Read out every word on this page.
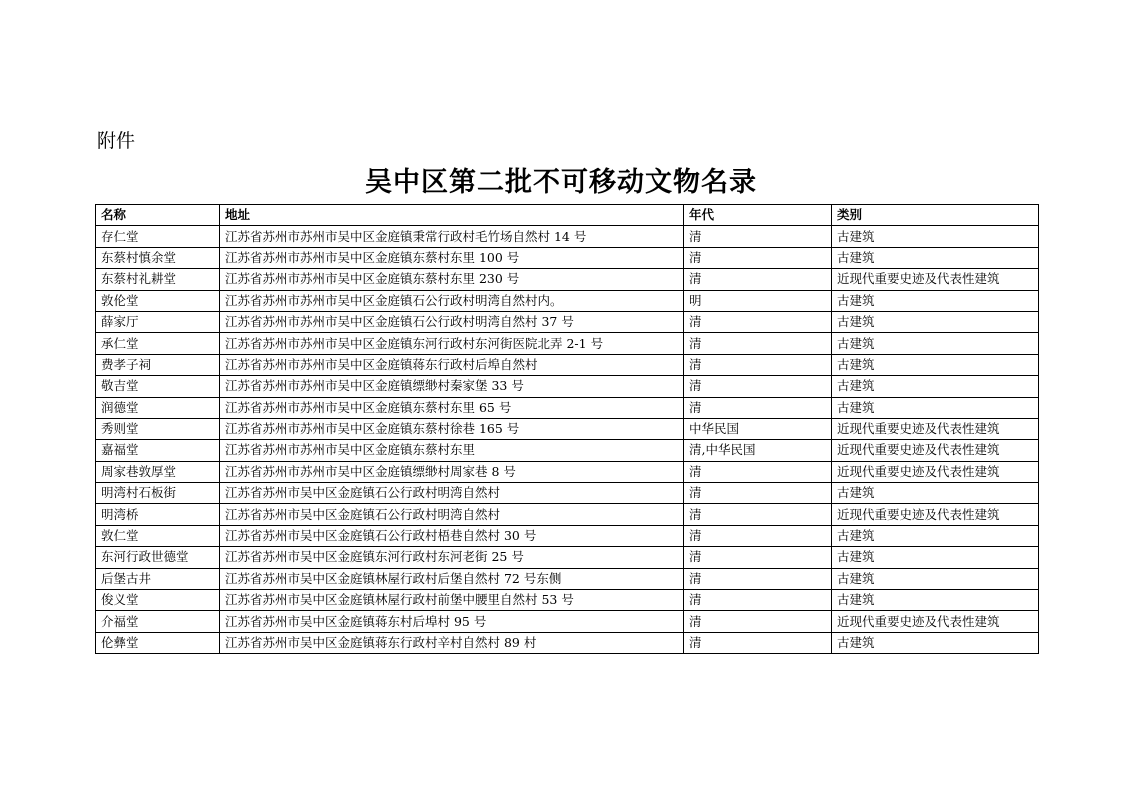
附件
吴中区第二批不可移动文物名录
名称	地址	年代	类别
存仁堂	江苏省苏州市苏州市吴中区金庭镇秉常行政村毛竹场自然村 14 号	清	古建筑
东蔡村慎余堂	江苏省苏州市苏州市吴中区金庭镇东蔡村东里 100 号	清	古建筑
东蔡村礼耕堂	江苏省苏州市苏州市吴中区金庭镇东蔡村东里 230 号	清	近现代重要史迹及代表性建筑
敦伦堂	江苏省苏州市苏州市吴中区金庭镇石公行政村明湾自然村内。	明	古建筑
薛家厅	江苏省苏州市苏州市吴中区金庭镇石公行政村明湾自然村 37 号	清	古建筑
承仁堂	江苏省苏州市苏州市吴中区金庭镇东河行政村东河街医院北弄 2-1 号	清	古建筑
费孝子祠	江苏省苏州市苏州市吴中区金庭镇蒋东行政村后埠自然村	清	古建筑
敬吉堂	江苏省苏州市苏州市吴中区金庭镇缥缈村秦家堡 33 号	清	古建筑
润德堂	江苏省苏州市苏州市吴中区金庭镇东蔡村东里 65 号	清	古建筑
秀则堂	江苏省苏州市苏州市吴中区金庭镇东蔡村徐巷 165 号	中华民国	近现代重要史迹及代表性建筑
嘉福堂	江苏省苏州市苏州市吴中区金庭镇东蔡村东里	清,中华民国	近现代重要史迹及代表性建筑
周家巷敦厚堂	江苏省苏州市苏州市吴中区金庭镇缥缈村周家巷 8 号	清	近现代重要史迹及代表性建筑
明湾村石板街	江苏省苏州市吴中区金庭镇石公行政村明湾自然村	清	古建筑
明湾桥	江苏省苏州市吴中区金庭镇石公行政村明湾自然村	清	近现代重要史迹及代表性建筑
敦仁堂	江苏省苏州市吴中区金庭镇石公行政村梧巷自然村 30 号	清	古建筑
东河行政世德堂	江苏省苏州市吴中区金庭镇东河行政村东河老街 25 号	清	古建筑
后堡古井	江苏省苏州市吴中区金庭镇林屋行政村后堡自然村 72 号东侧	清	古建筑
俊义堂	江苏省苏州市吴中区金庭镇林屋行政村前堡中腰里自然村 53 号	清	古建筑
介福堂	江苏省苏州市吴中区金庭镇蒋东村后埠村 95 号	清	近现代重要史迹及代表性建筑
伦彝堂	江苏省苏州市吴中区金庭镇蒋东行政村辛村自然村 89 村	清	古建筑
